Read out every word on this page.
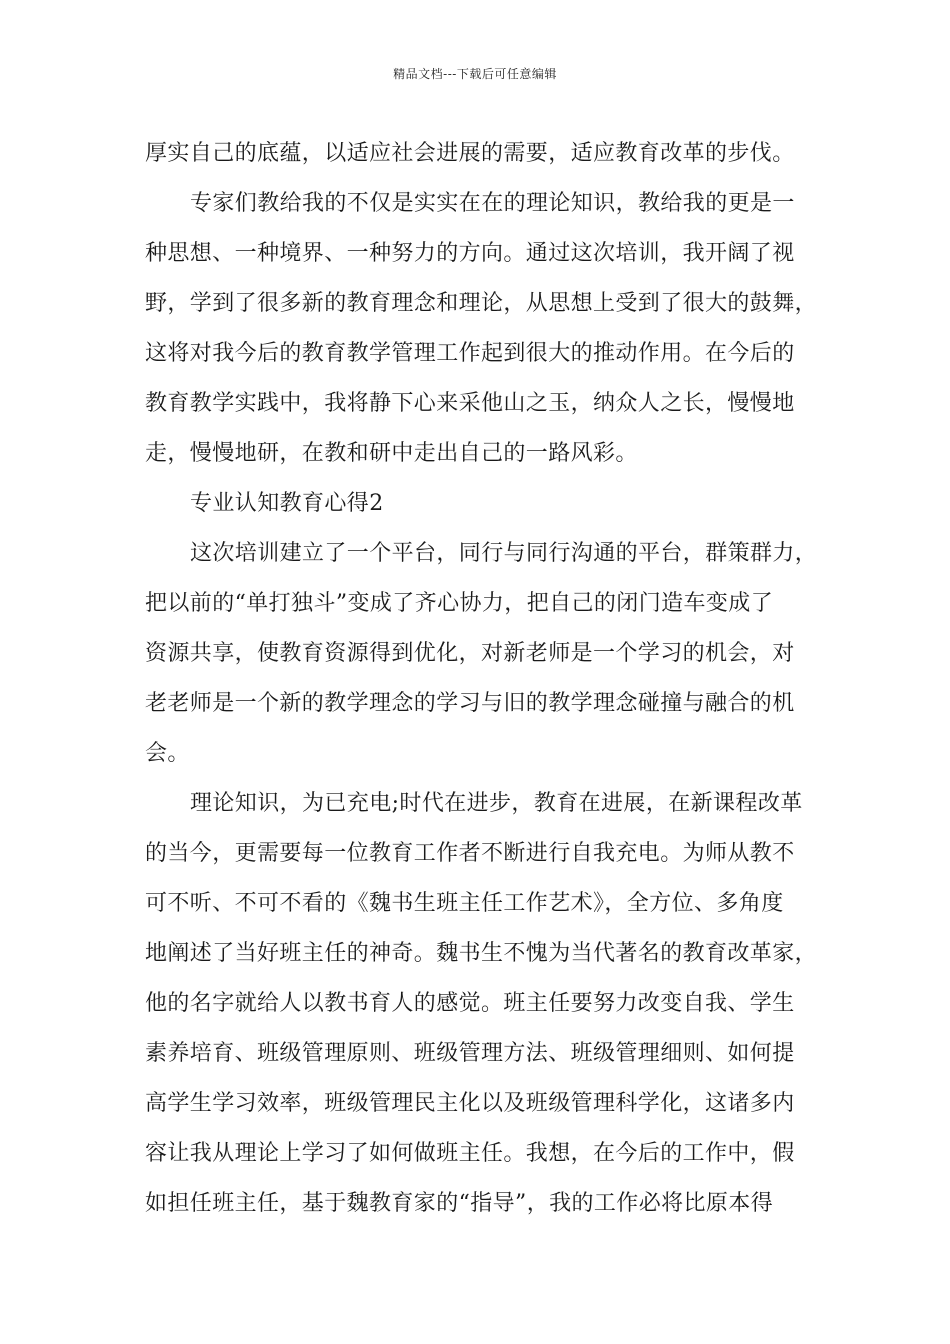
精品文档---下载后可任意编辑
厚实自己的底蕴，以适应社会进展的需要，适应教育改革的步伐。
专家们教给我的不仅是实实在在的理论知识，教给我的更是一
种思想、一种境界、一种努力的方向。通过这次培训，我开阔了视
野，学到了很多新的教育理念和理论，从思想上受到了很大的鼓舞，
这将对我今后的教育教学管理工作起到很大的推动作用。在今后的
教育教学实践中，我将静下心来采他山之玉，纳众人之长，慢慢地
走，慢慢地研，在教和研中走出自己的一路风彩。
专业认知教育心得2
这次培训建立了一个平台，同行与同行沟通的平台，群策群力，
把以前的“单打独斗”变成了齐心协力，把自己的闭门造车变成了
资源共享，使教育资源得到优化，对新老师是一个学习的机会，对
老老师是一个新的教学理念的学习与旧的教学理念碰撞与融合的机
会。
理论知识，为已充电;时代在进步，教育在进展，在新课程改革
的当今，更需要每一位教育工作者不断进行自我充电。为师从教不
可不听、不可不看的《魏书生班主任工作艺术》，全方位、多角度
地阐述了当好班主任的神奇。魏书生不愧为当代著名的教育改革家，
他的名字就给人以教书育人的感觉。班主任要努力改变自我、学生
素养培育、班级管理原则、班级管理方法、班级管理细则、如何提
高学生学习效率，班级管理民主化以及班级管理科学化，这诸多内
容让我从理论上学习了如何做班主任。我想，在今后的工作中，假
如担任班主任，基于魏教育家的“指导”，我的工作必将比原本得
